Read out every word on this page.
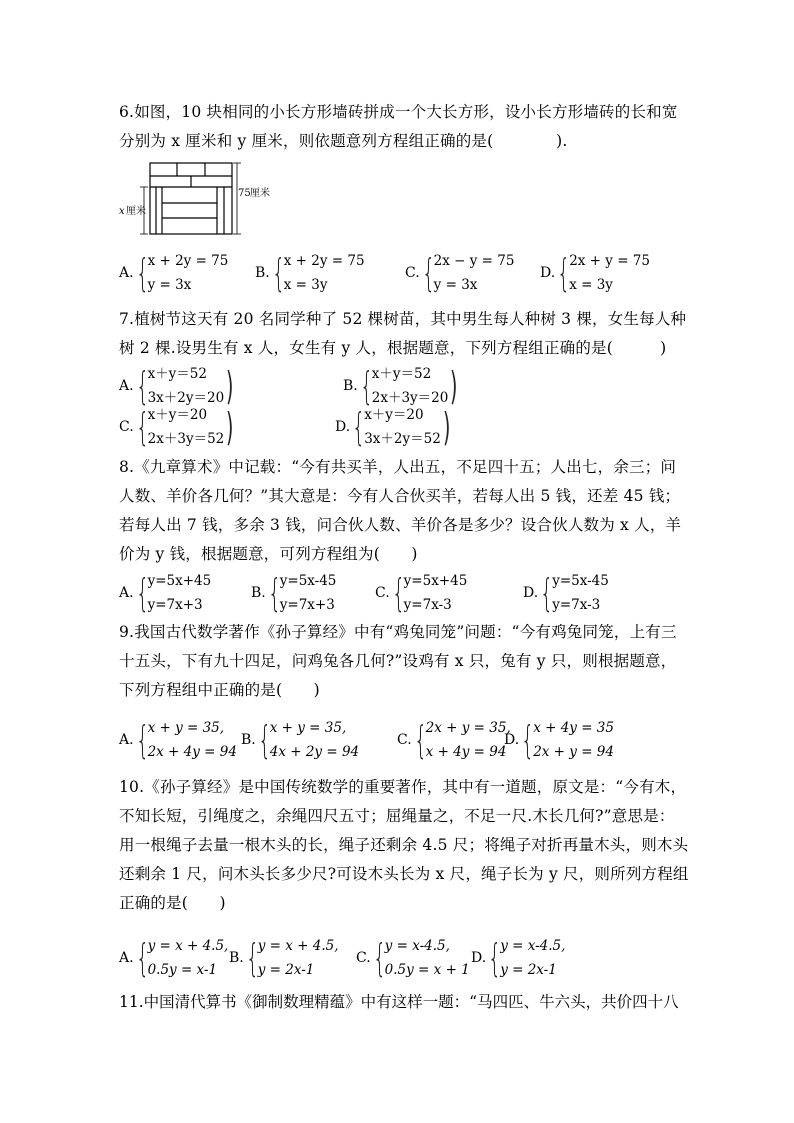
6.如图，10 块相同的小长方形墙砖拼成一个大长方形，设小长方形墙砖的长和宽分别为 x 厘米和 y 厘米，则依题意列方程组正确的是(　　　　).
75 厘米
x 厘米
A. {
x + 2y = 75
y = 3x
B. {
x + 2y = 75
x = 3y
C. {
2x − y = 75
y = 3x
D. {
2x + y = 75
x = 3y
7.植树节这天有 20 名同学种了 52 棵树苗，其中男生每人种树 3 棵，女生每人种树 2 棵.设男生有 x 人，女生有 y 人，根据题意，下列方程组正确的是(　　　)
A. {
x＋y＝52
3x＋2y＝20 )	B. {
x＋y＝52
2x＋3y＝20 )
C. {
x＋y＝20
2x＋3y＝52 )	D. {
x＋y＝20
3x＋2y＝52 )
8.《九章算术》中记载：“今有共买羊，人出五，不足四十五；人出七，余三；问人数、羊价各几何？”其大意是：今有人合伙买羊，若每人出 5 钱，还差 45 钱；若每人出 7 钱，多余 3 钱，问合伙人数、羊价各是多少？设合伙人数为 x 人，羊价为 y 钱，根据题意，可列方程组为(　　)
A. {
y=5x+45
y=7x+3
B. {
y=5x-45
y=7x+3
C. {
y=5x+45
y=7x-3
D. {
y=5x-45
y=7x-3
9.我国古代数学著作《孙子算经》中有“鸡兔同笼”问题：“今有鸡兔同笼，上有三十五头，下有九十四足，问鸡兔各几何?”设鸡有 x 只，兔有 y 只，则根据题意，下列方程组中正确的是(　　)
A. {
x + y = 35,
2x + 4y = 94
B. {
x + y = 35,
4x + 2y = 94
C. {
2x + y = 35,
x + 4y = 94
D. {
x + 4y = 35
2x + y = 94
10.《孙子算经》是中国传统数学的重要著作，其中有一道题，原文是：“今有木，不知长短，引绳度之，余绳四尺五寸；屈绳量之，不足一尺.木长几何?”意思是：用一根绳子去量一根木头的长，绳子还剩余 4.5 尺；将绳子对折再量木头，则木头还剩余 1 尺，问木头长多少尺?可设木头长为 x 尺，绳子长为 y 尺，则所列方程组正确的是(　　)
A. {
y = x + 4.5,
0.5y = x-1
B. {
y = x + 4.5,
y = 2x-1
C. {
y = x-4.5,
0.5y = x + 1
D. {
y = x-4.5,
y = 2x-1
11.中国清代算书《御制数理精蕴》中有这样一题：“马四匹、牛六头，共价四十八
